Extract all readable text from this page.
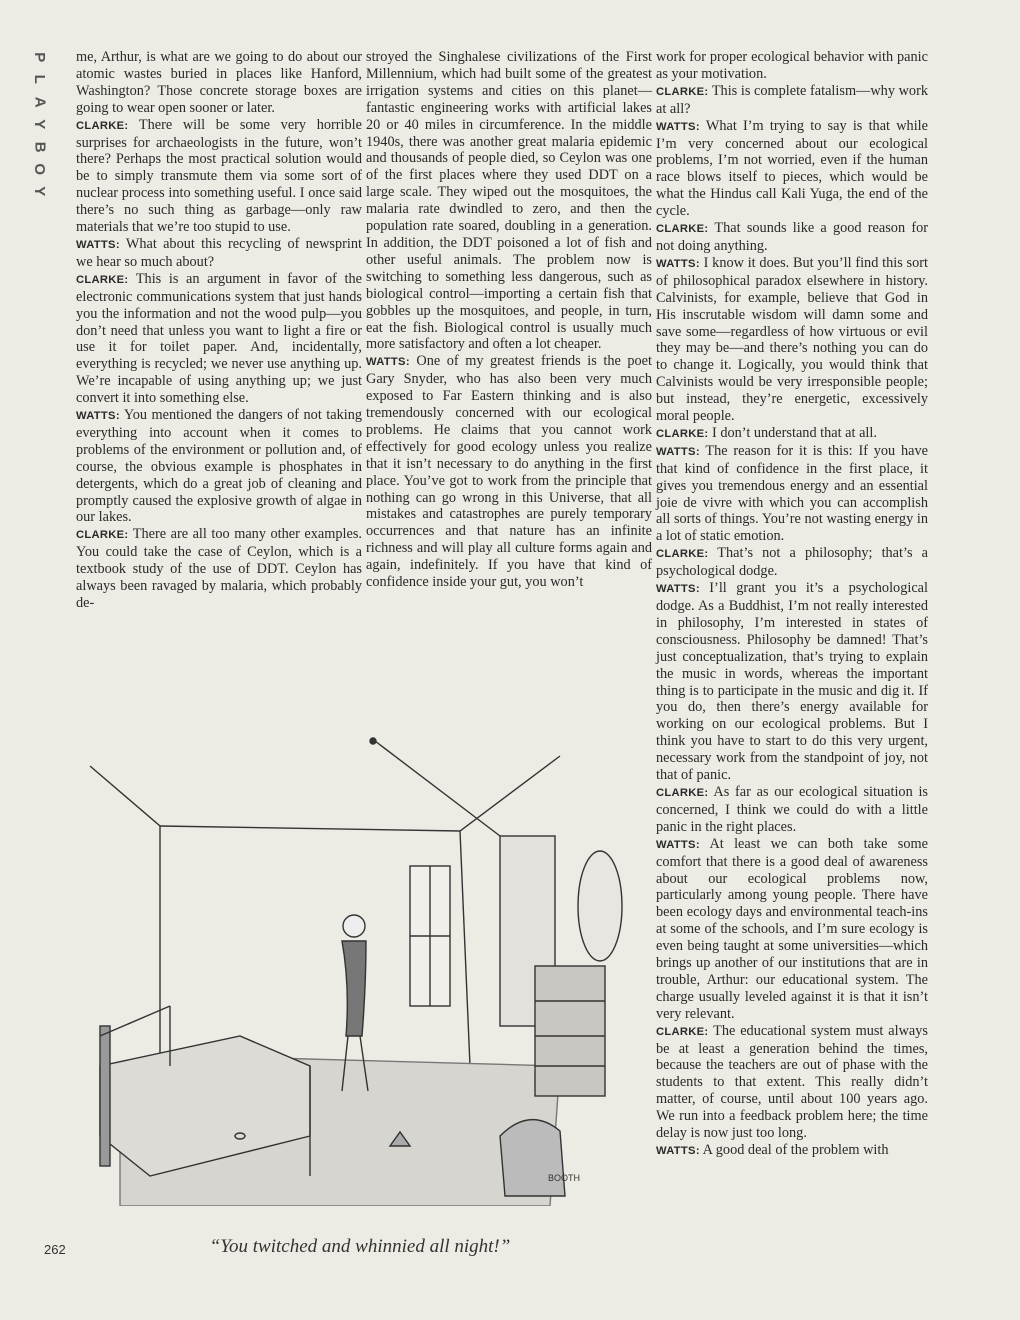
P
L
A
Y
B
O
Y

me, Arthur, is what are we going to do about our atomic wastes buried in places like Hanford, Washington? Those concrete storage boxes are going to wear open sooner or later.

CLARKE: There will be some very horrible surprises for archaeologists in the future, won’t there? Perhaps the most practical solution would be to simply transmute them via some sort of nuclear process into something useful. I once said there’s no such thing as garbage—only raw materials that we’re too stupid to use.

WATTS: What about this recycling of newsprint we hear so much about?

CLARKE: This is an argument in favor of the electronic communications system that just hands you the information and not the wood pulp—you don’t need that unless you want to light a fire or use it for toilet paper. And, incidentally, everything is recycled; we never use anything up. We’re incapable of using anything up; we just convert it into something else.

WATTS: You mentioned the dangers of not taking everything into account when it comes to problems of the environment or pollution and, of course, the obvious example is phosphates in detergents, which do a great job of cleaning and promptly caused the explosive growth of algae in our lakes.

CLARKE: There are all too many other examples. You could take the case of Ceylon, which is a textbook study of the use of DDT. Ceylon has always been ravaged by malaria, which probably de-

stroyed the Singhalese civilizations of the First Millennium, which had built some of the greatest irrigation systems and cities on this planet—fantastic engineering works with artificial lakes 20 or 40 miles in circumference. In the middle 1940s, there was another great malaria epidemic and thousands of people died, so Ceylon was one of the first places where they used DDT on a large scale. They wiped out the mosquitoes, the malaria rate dwindled to zero, and then the population rate soared, doubling in a generation. In addition, the DDT poisoned a lot of fish and other useful animals. The problem now is switching to something less dangerous, such as biological control—importing a certain fish that gobbles up the mosquitoes, and people, in turn, eat the fish. Biological control is usually much more satisfactory and often a lot cheaper.

WATTS: One of my greatest friends is the poet Gary Snyder, who has also been very much exposed to Far Eastern thinking and is also tremendously concerned with our ecological problems. He claims that you cannot work effectively for good ecology unless you realize that it isn’t necessary to do anything in the first place. You’ve got to work from the principle that nothing can go wrong in this Universe, that all mistakes and catastrophes are purely temporary occurrences and that nature has an infinite richness and will play all culture forms again and again, indefinitely. If you have that kind of confidence inside your gut, you won’t

work for proper ecological behavior with panic as your motivation.

CLARKE: This is complete fatalism—why work at all?

WATTS: What I’m trying to say is that while I’m very concerned about our ecological problems, I’m not worried, even if the human race blows itself to pieces, which would be what the Hindus call Kali Yuga, the end of the cycle.

CLARKE: That sounds like a good reason for not doing anything.

WATTS: I know it does. But you’ll find this sort of philosophical paradox elsewhere in history. Calvinists, for example, believe that God in His inscrutable wisdom will damn some and save some—regardless of how virtuous or evil they may be—and there’s nothing you can do to change it. Logically, you would think that Calvinists would be very irresponsible people; but instead, they’re energetic, excessively moral people.

CLARKE: I don’t understand that at all.

WATTS: The reason for it is this: If you have that kind of confidence in the first place, it gives you tremendous energy and an essential joie de vivre with which you can accomplish all sorts of things. You’re not wasting energy in a lot of static emotion.

CLARKE: That’s not a philosophy; that’s a psychological dodge.

WATTS: I’ll grant you it’s a psychological dodge. As a Buddhist, I’m not really interested in philosophy, I’m interested in states of consciousness. Philosophy be damned! That’s just conceptualization, that’s trying to explain the music in words, whereas the important thing is to participate in the music and dig it. If you do, then there’s energy available for working on our ecological problems. But I think you have to start to do this very urgent, necessary work from the standpoint of joy, not that of panic.

CLARKE: As far as our ecological situation is concerned, I think we could do with a little panic in the right places.

WATTS: At least we can both take some comfort that there is a good deal of awareness about our ecological problems now, particularly among young people. There have been ecology days and environmental teach-ins at some of the schools, and I’m sure ecology is even being taught at some universities—which brings up another of our institutions that are in trouble, Arthur: our educational system. The charge usually leveled against it is that it isn’t very relevant.

CLARKE: The educational system must always be at least a generation behind the times, because the teachers are out of phase with the students to that extent. This really didn’t matter, of course, until about 100 years ago. We run into a feedback problem here; the time delay is now just too long.

WATTS: A good deal of the problem with

BOOTH
“You twitched and whinnied all night!”
262
